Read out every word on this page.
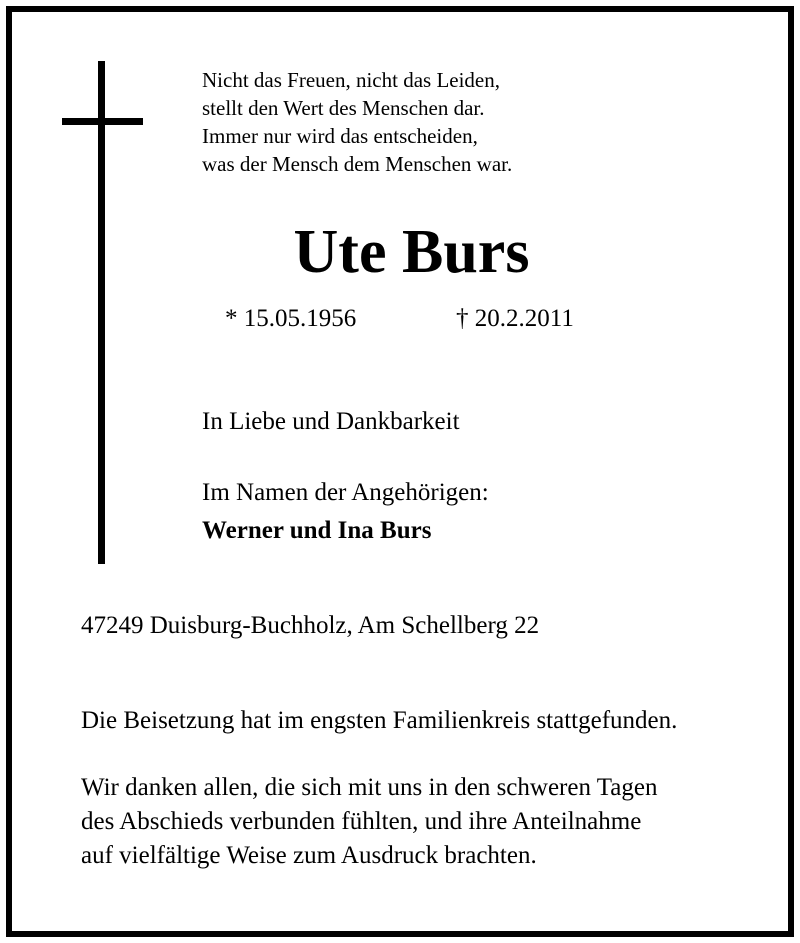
Nicht das Freuen, nicht das Leiden,
stellt den Wert des Menschen dar.
Immer nur wird das entscheiden,
was der Mensch dem Menschen war.
Ute Burs
* 15.05.1956	† 20.2.2011
In Liebe und Dankbarkeit
Im Namen der Angehörigen:
Werner und Ina Burs
47249 Duisburg-Buchholz, Am Schellberg 22
Die Beisetzung hat im engsten Familienkreis stattgefunden.
Wir danken allen, die sich mit uns in den schweren Tagen
des Abschieds verbunden fühlten, und ihre Anteilnahme
auf vielfältige Weise zum Ausdruck brachten.
